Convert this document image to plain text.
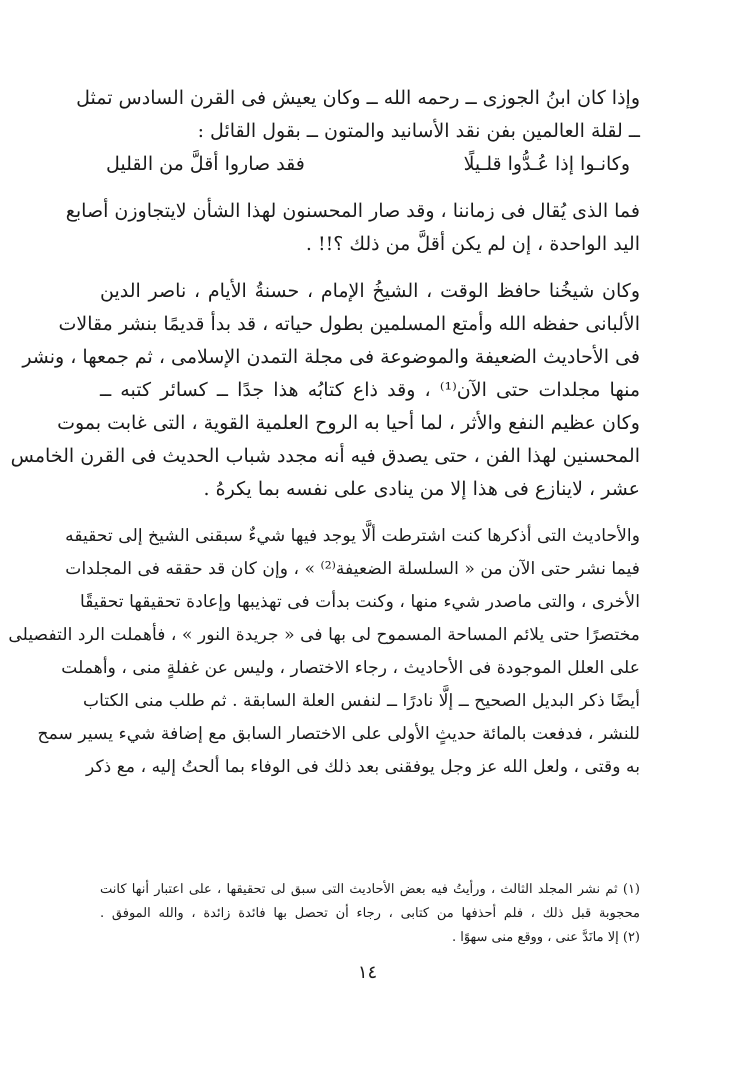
وإذا كان ابنُ الجوزى ــ رحمه الله ــ وكان يعيش فى القرن السادس تمثل
ــ لقلة العالمين بفن نقد الأسانيد والمتون ــ بقول القائل :
وكانـوا إذا عُـدُّوا قلـيلًا
فقد صاروا أقلَّ من القليل
فما الذى يُقال فى زماننا ، وقد صار المحسنون لهذا الشأن لايتجاوزن أصابع
اليد الواحدة ، إن لم يكن أقلَّ من ذلك ؟!! .
وكان شيخُنا حافظ الوقت ، الشيخُ الإمام ، حسنةُ الأيام ، ناصر الدين
الألبانى حفظه الله وأمتع المسلمين بطول حياته ، قد بدأ قديمًا بنشر مقالات
فى الأحاديث الضعيفة والموضوعة فى مجلة التمدن الإسلامى ، ثم جمعها ، ونشر
منها مجلدات حتى الآن⁽¹⁾ ، وقد ذاع كتابُه هذا جدًا ــ كسائر كتبه ــ
وكان عظيم النفع والأثر ، لما أحيا به الروح العلمية القوية ، التى غابت بموت
المحسنين لهذا الفن ، حتى يصدق فيه أنه مجدد شباب الحديث فى القرن الخامس
عشر ، لاينازع فى هذا إلا من ينادى على نفسه بما يكرهُ .
والأحاديث التى أذكرها كنت اشترطت ألَّا يوجد فيها شيءٌ سبقنى الشيخ إلى تحقيقه
فيما نشر حتى الآن من « السلسلة الضعيفة⁽²⁾ » ، وإن كان قد حققه فى المجلدات
الأخرى ، والتى ماصدر شيء منها ، وكنت بدأت فى تهذيبها وإعادة تحقيقها تحقيقًا
مختصرًا حتى يلائم المساحة المسموح لى بها فى « جريدة النور » ، فأهملت الرد التفصيلى
على العلل الموجودة فى الأحاديث ، رجاء الاختصار ، وليس عن غفلةٍ منى ، وأهملت
أيضًا ذكر البديل الصحيح ــ إلَّا نادرًا ــ لنفس العلة السابقة . ثم طلب منى الكتاب
للنشر ، فدفعت بالمائة حديثٍ الأولى على الاختصار السابق مع إضافة شيء يسير سمح
به وقتى ، ولعل الله عز وجل يوفقنى بعد ذلك فى الوفاء بما ألحتُ إليه ، مع ذكر
(١) ثم نشر المجلد الثالث ، ورأيتُ فيه بعض الأحاديث التى سبق لى تحقيقها ، على اعتبار أنها كانت
محجوبة قبل ذلك ، فلم أحذفها من كتابى ، رجاء أن تحصل بها فائدة زائدة ، والله الموفق .
(٢) إلا مانَدَّ عنى ، ووقع منى سهوًا .
١٤
